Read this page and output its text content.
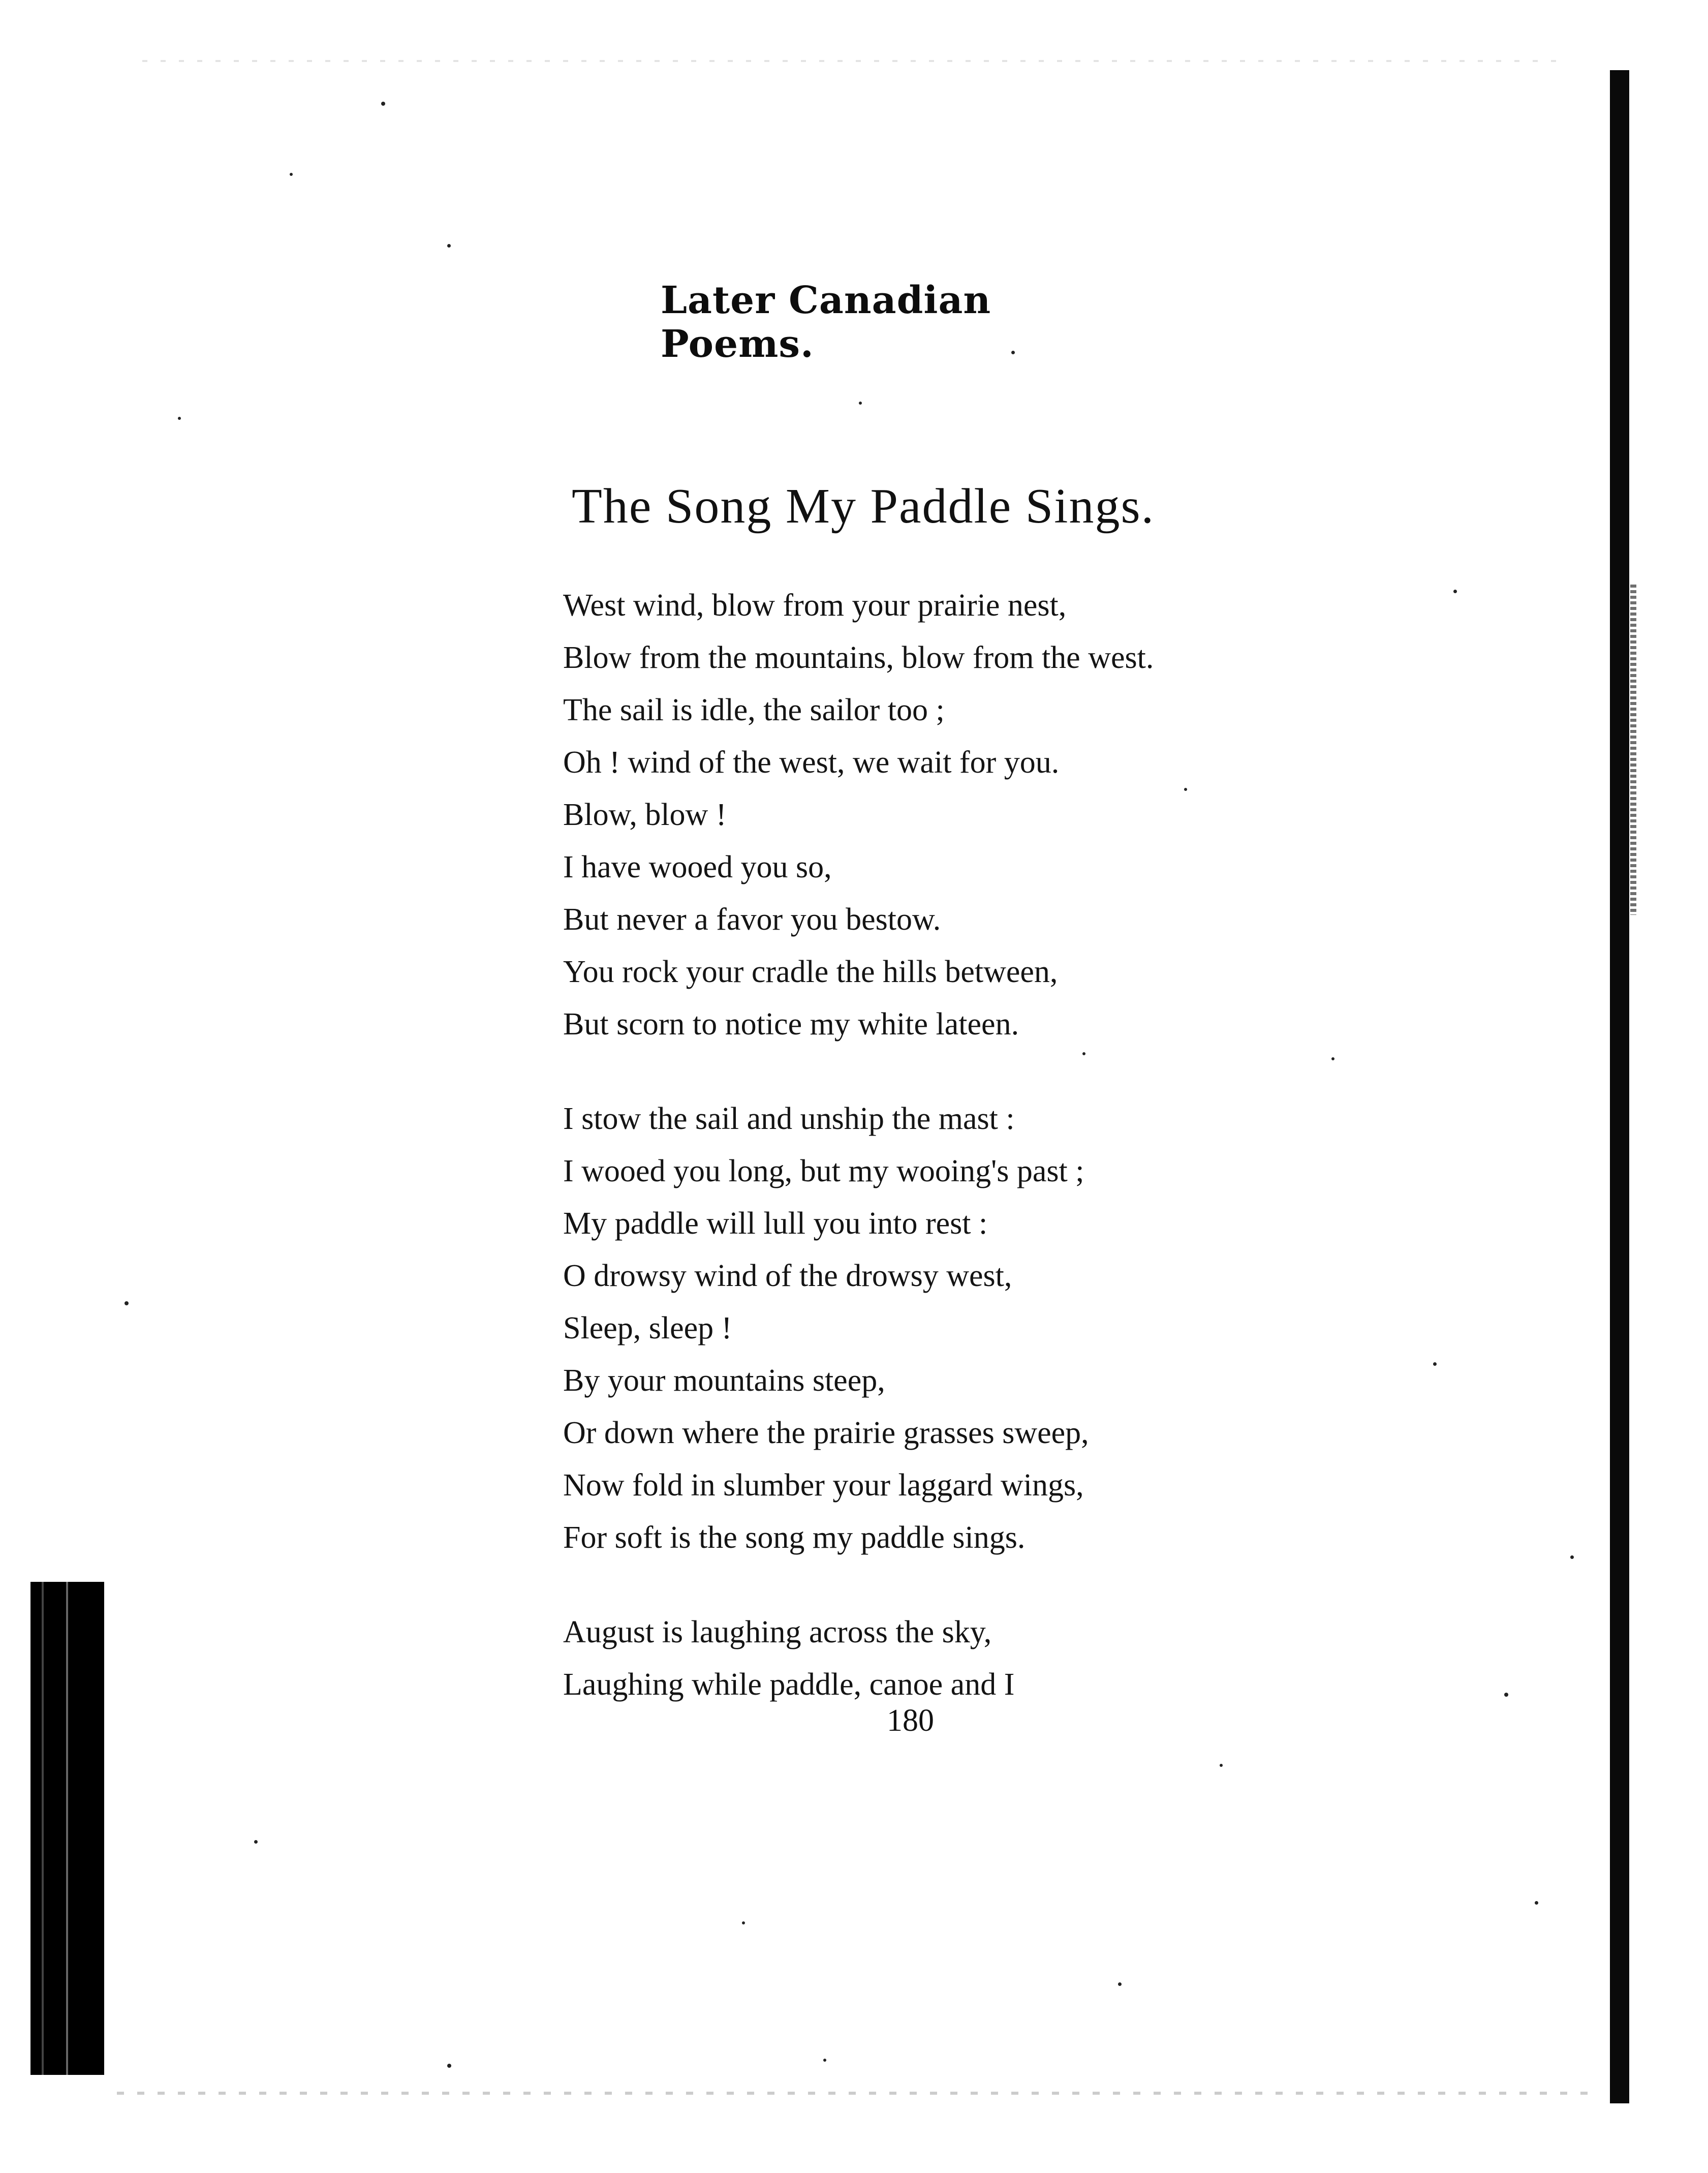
Later Canadian Poems.
The Song My Paddle Sings.
West wind, blow from your prairie nest,
Blow from the mountains, blow from the west.
The sail is idle, the sailor too ;
Oh ! wind of the west, we wait for you.
Blow, blow !
I have wooed you so,
But never a favor you bestow.
You rock your cradle the hills between,
But scorn to notice my white lateen.
I stow the sail and unship the mast :
I wooed you long, but my wooing's past ;
My paddle will lull you into rest :
O drowsy wind of the drowsy west,
Sleep, sleep !
By your mountains steep,
Or down where the prairie grasses sweep,
Now fold in slumber your laggard wings,
For soft is the song my paddle sings.
August is laughing across the sky,
Laughing while paddle, canoe and I
180
